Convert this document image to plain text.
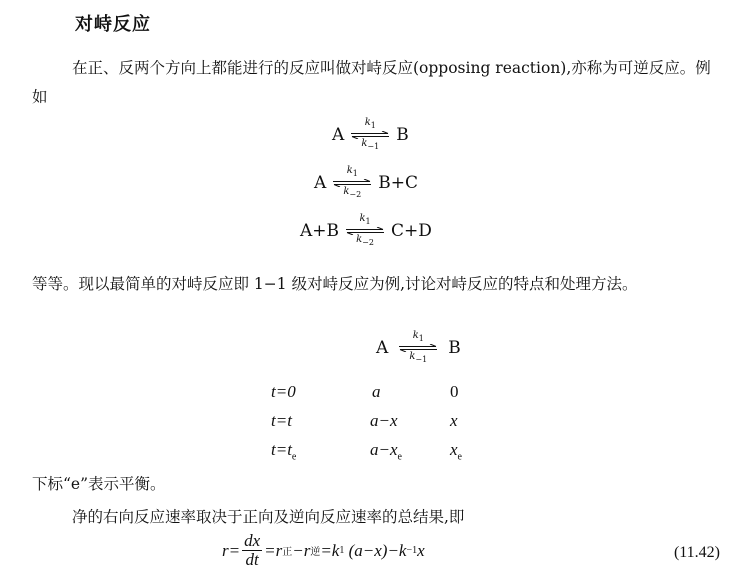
对峙反应
在正、反两个方向上都能进行的反应叫做对峙反应(opposing reaction),亦称为可逆反应。例如
A
$k_1$
$k_{-1}$
B
A
$k_1$
$k_{-2}$
B+C
A+B
$k_1$
$k_{-2}$
C+D
等等。现以最简单的对峙反应即 1−1 级对峙反应为例,讨论对峙反应的特点和处理方法。
A
$k_1$
$k_{-1}$
B
t=0	a	0
t=t	a−x	x
$t=t_e$	$a-x_e$	$x_e$
下标“e”表示平衡。
净的右向反应速率取决于正向及逆向反应速率的总结果,即
$r= \frac{dx}{dt} =r$ 正 −r 逆 =k 1 (a−x)−k −1 x	(11.42)
